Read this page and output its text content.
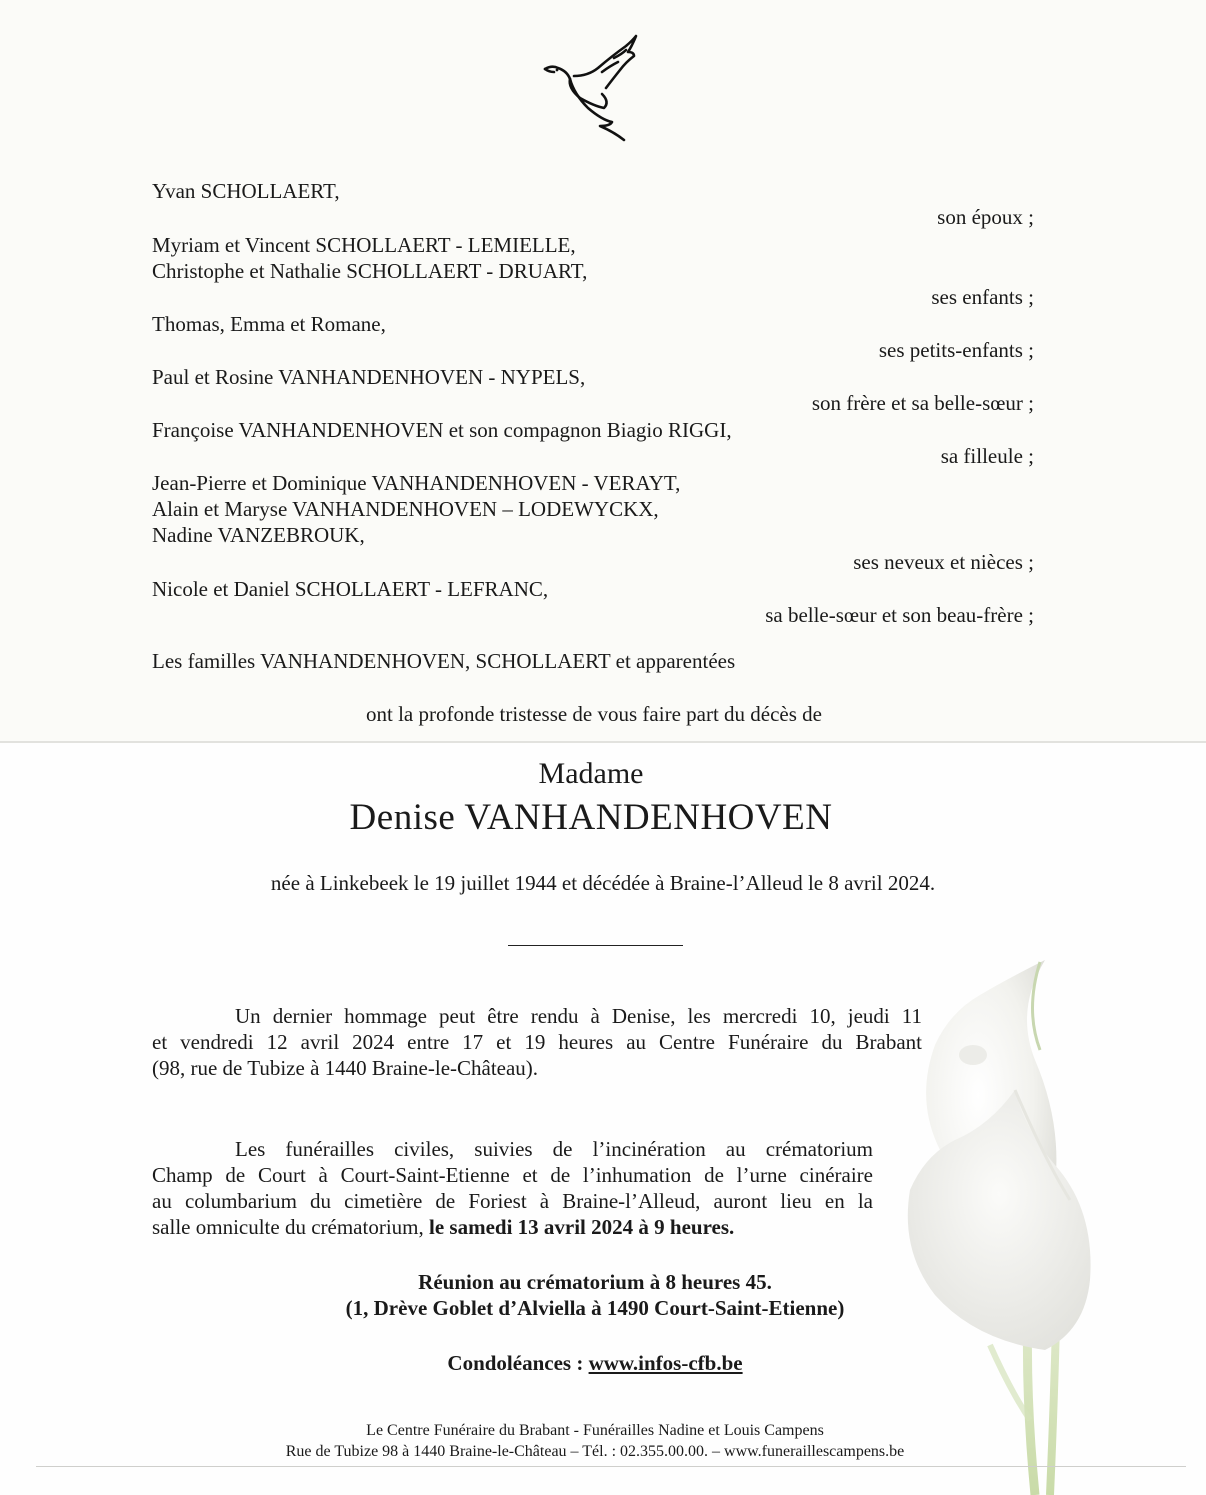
Yvan SCHOLLAERT,
son époux ;
Myriam et Vincent SCHOLLAERT - LEMIELLE,
Christophe et Nathalie SCHOLLAERT - DRUART,
ses enfants ;
Thomas, Emma et Romane,
ses petits-enfants ;
Paul et Rosine VANHANDENHOVEN - NYPELS,
son frère et sa belle-sœur ;
Françoise VANHANDENHOVEN et son compagnon Biagio RIGGI,
sa filleule ;
Jean-Pierre et Dominique VANHANDENHOVEN - VERAYT,
Alain et Maryse VANHANDENHOVEN – LODEWYCKX,
Nadine VANZEBROUK,
ses neveux et nièces ;
Nicole et Daniel SCHOLLAERT - LEFRANC,
sa belle-sœur et son beau-frère ;
Les familles VANHANDENHOVEN, SCHOLLAERT et apparentées
ont la profonde tristesse de vous faire part du décès de
Madame
Denise VANHANDENHOVEN
née à Linkebeek le 19 juillet 1944 et décédée à Braine-l’Alleud le 8 avril 2024.
Un dernier hommage peut être rendu à Denise, les mercredi 10, jeudi 11
et vendredi 12 avril 2024 entre 17 et 19 heures au Centre Funéraire du Brabant
(98, rue de Tubize à 1440 Braine-le-Château).
Les funérailles civiles, suivies de l’incinération au crématorium
Champ de Court à Court-Saint-Etienne et de l’inhumation de l’urne cinéraire
au columbarium du cimetière de Foriest à Braine-l’Alleud, auront lieu en la
salle omniculte du crématorium, le samedi 13 avril 2024 à 9 heures.
Réunion au crématorium à 8 heures 45.
(1, Drève Goblet d’Alviella à 1490 Court-Saint-Etienne)
Condoléances : www.infos-cfb.be
Le Centre Funéraire du Brabant - Funérailles Nadine et Louis Campens
Rue de Tubize 98 à 1440 Braine-le-Château – Tél. : 02.355.00.00. – www.funeraillescampens.be
